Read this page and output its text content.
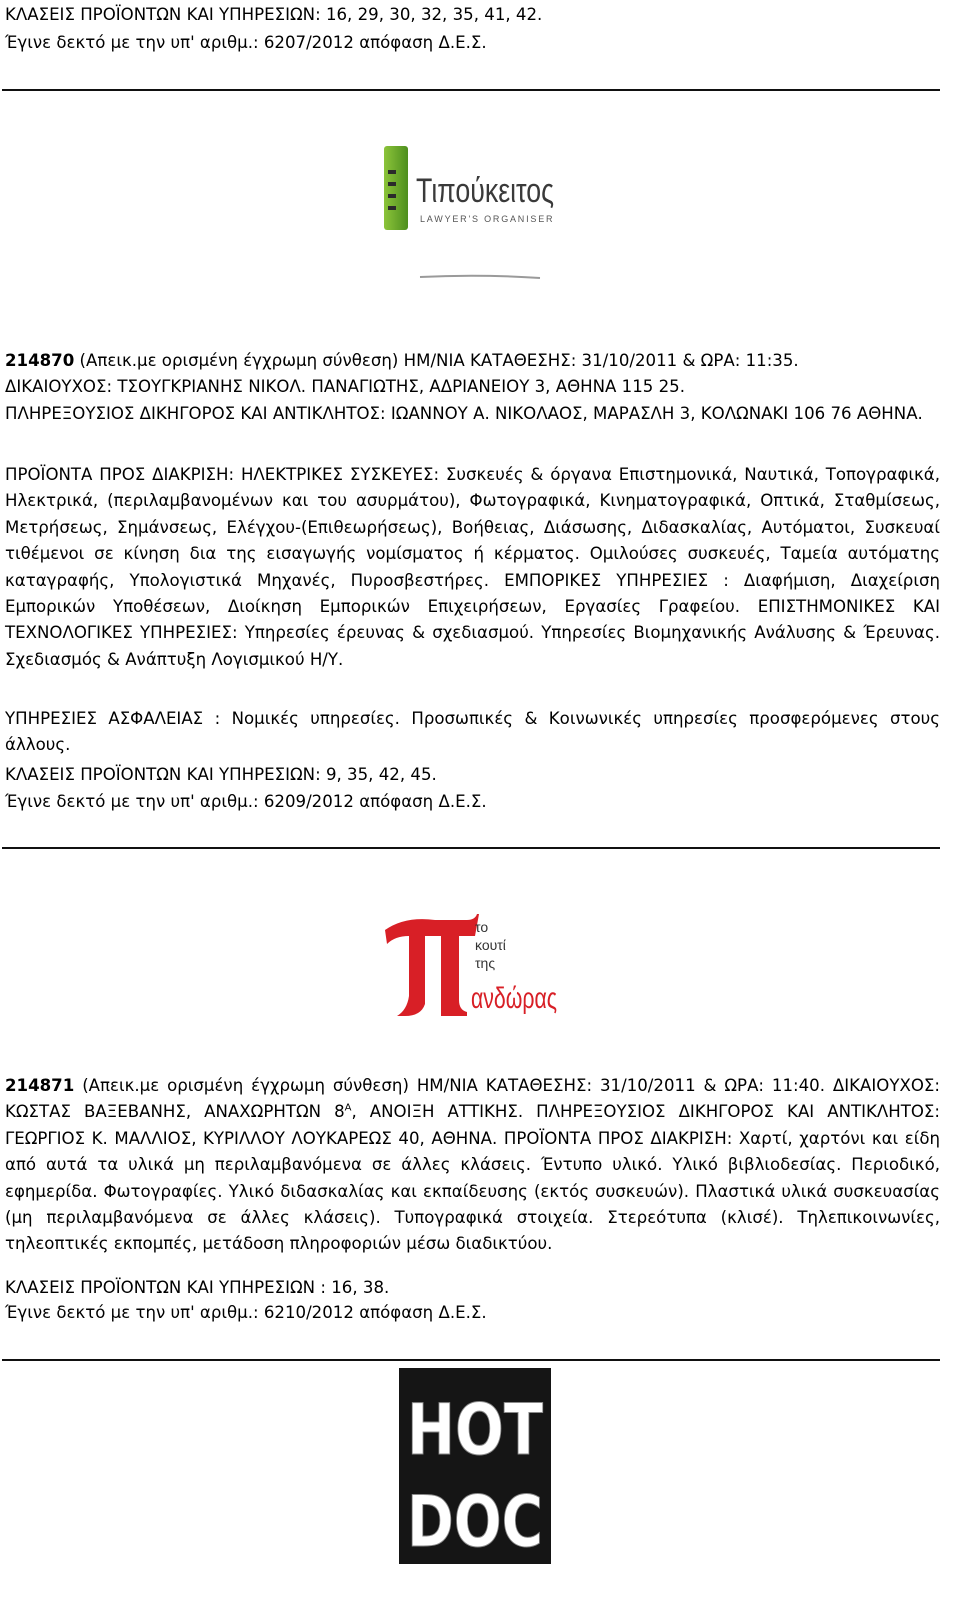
ΚΛΑΣΕΙΣ ΠΡΟΪΟΝΤΩΝ ΚΑΙ ΥΠΗΡΕΣΙΩΝ: 16, 29, 30, 32, 35, 41, 42.
Έγινε δεκτό με την υπ' αριθμ.: 6207/2012 απόφαση Δ.Ε.Σ.
Τιπούκειτος
LAWYER'S ORGANISER
214870 (Απεικ.με ορισμένη έγχρωμη σύνθεση) ΗΜ/ΝΙΑ ΚΑΤΑΘΕΣΗΣ: 31/10/2011 & ΩΡΑ: 11:35.
ΔΙΚΑΙΟΥΧΟΣ: ΤΣΟΥΓΚΡΙΑΝΗΣ ΝΙΚΟΛ. ΠΑΝΑΓΙΩΤΗΣ, ΑΔΡΙΑΝΕΙΟΥ 3, ΑΘΗΝΑ 115 25.
ΠΛΗΡΕΞΟΥΣΙΟΣ ΔΙΚΗΓΟΡΟΣ ΚΑΙ ΑΝΤΙΚΛΗΤΟΣ: ΙΩΑΝΝΟΥ Α. ΝΙΚΟΛΑΟΣ, ΜΑΡΑΣΛΗ 3, ΚΟΛΩΝΑΚΙ 106 76 ΑΘΗΝΑ.
ΠΡΟΪΟΝΤΑ ΠΡΟΣ ΔΙΑΚΡΙΣΗ: ΗΛΕΚΤΡΙΚΕΣ ΣΥΣΚΕΥΕΣ: Συσκευές & όργανα Επιστημονικά, Ναυτικά, Τοπογραφικά, Ηλεκτρικά, (περιλαμβανομένων και του ασυρμάτου), Φωτογραφικά, Κινηματογραφικά, Οπτικά, Σταθμίσεως, Μετρήσεως, Σημάνσεως, Ελέγχου-(Επιθεωρήσεως), Βοήθειας, Διάσωσης, Διδασκαλίας, Αυτόματοι, Συσκευαί τιθέμενοι σε κίνηση δια της εισαγωγής νομίσματος ή κέρματος. Ομιλούσες συσκευές, Ταμεία αυτόματης καταγραφής, Υπολογιστικά Μηχανές, Πυροσβεστήρες. ΕΜΠΟΡΙΚΕΣ ΥΠΗΡΕΣΙΕΣ : Διαφήμιση, Διαχείριση Εμπορικών Υποθέσεων, Διοίκηση Εμπορικών Επιχειρήσεων, Εργασίες Γραφείου. ΕΠΙΣΤΗΜΟΝΙΚΕΣ ΚΑΙ ΤΕΧΝΟΛΟΓΙΚΕΣ ΥΠΗΡΕΣΙΕΣ: Υπηρεσίες έρευνας & σχεδιασμού. Υπηρεσίες Βιομηχανικής Ανάλυσης & Έρευνας. Σχεδιασμός & Ανάπτυξη Λογισμικού Η/Υ.
ΥΠΗΡΕΣΙΕΣ ΑΣΦΑΛΕΙΑΣ : Νομικές υπηρεσίες. Προσωπικές & Κοινωνικές υπηρεσίες προσφερόμενες στους άλλους.
ΚΛΑΣΕΙΣ ΠΡΟΪΟΝΤΩΝ ΚΑΙ ΥΠΗΡΕΣΙΩΝ: 9, 35, 42, 45.
Έγινε δεκτό με την υπ' αριθμ.: 6209/2012 απόφαση Δ.Ε.Σ.
το
κουτί
της
ανδώρας
214871 (Απεικ.με ορισμένη έγχρωμη σύνθεση) ΗΜ/ΝΙΑ ΚΑΤΑΘΕΣΗΣ: 31/10/2011 & ΩΡΑ: 11:40. ΔΙΚΑΙΟΥΧΟΣ: ΚΩΣΤΑΣ ΒΑΞΕΒΑΝΗΣ, ΑΝΑΧΩΡΗΤΩΝ $8^A$, ΑΝΟΙΞΗ ΑΤΤΙΚΗΣ. ΠΛΗΡΕΞΟΥΣΙΟΣ ΔΙΚΗΓΟΡΟΣ ΚΑΙ ΑΝΤΙΚΛΗΤΟΣ: ΓΕΩΡΓΙΟΣ Κ. ΜΑΛΛΙΟΣ, ΚΥΡΙΛΛΟΥ ΛΟΥΚΑΡΕΩΣ 40, ΑΘΗΝΑ. ΠΡΟΪΟΝΤΑ ΠΡΟΣ ΔΙΑΚΡΙΣΗ: Χαρτί, χαρτόνι και είδη από αυτά τα υλικά μη περιλαμβανόμενα σε άλλες κλάσεις. Έντυπο υλικό. Υλικό βιβλιοδεσίας. Περιοδικό, εφημερίδα. Φωτογραφίες. Υλικό διδασκαλίας και εκπαίδευσης (εκτός συσκευών). Πλαστικά υλικά συσκευασίας (μη περιλαμβανόμενα σε άλλες κλάσεις). Τυπογραφικά στοιχεία. Στερεότυπα (κλισέ). Τηλεπικοινωνίες, τηλεοπτικές εκπομπές, μετάδοση πληροφοριών μέσω διαδικτύου.
ΚΛΑΣΕΙΣ ΠΡΟΪΟΝΤΩΝ ΚΑΙ ΥΠΗΡΕΣΙΩΝ : 16, 38.
Έγινε δεκτό με την υπ' αριθμ.: 6210/2012 απόφαση Δ.Ε.Σ.
HOT
DOC
